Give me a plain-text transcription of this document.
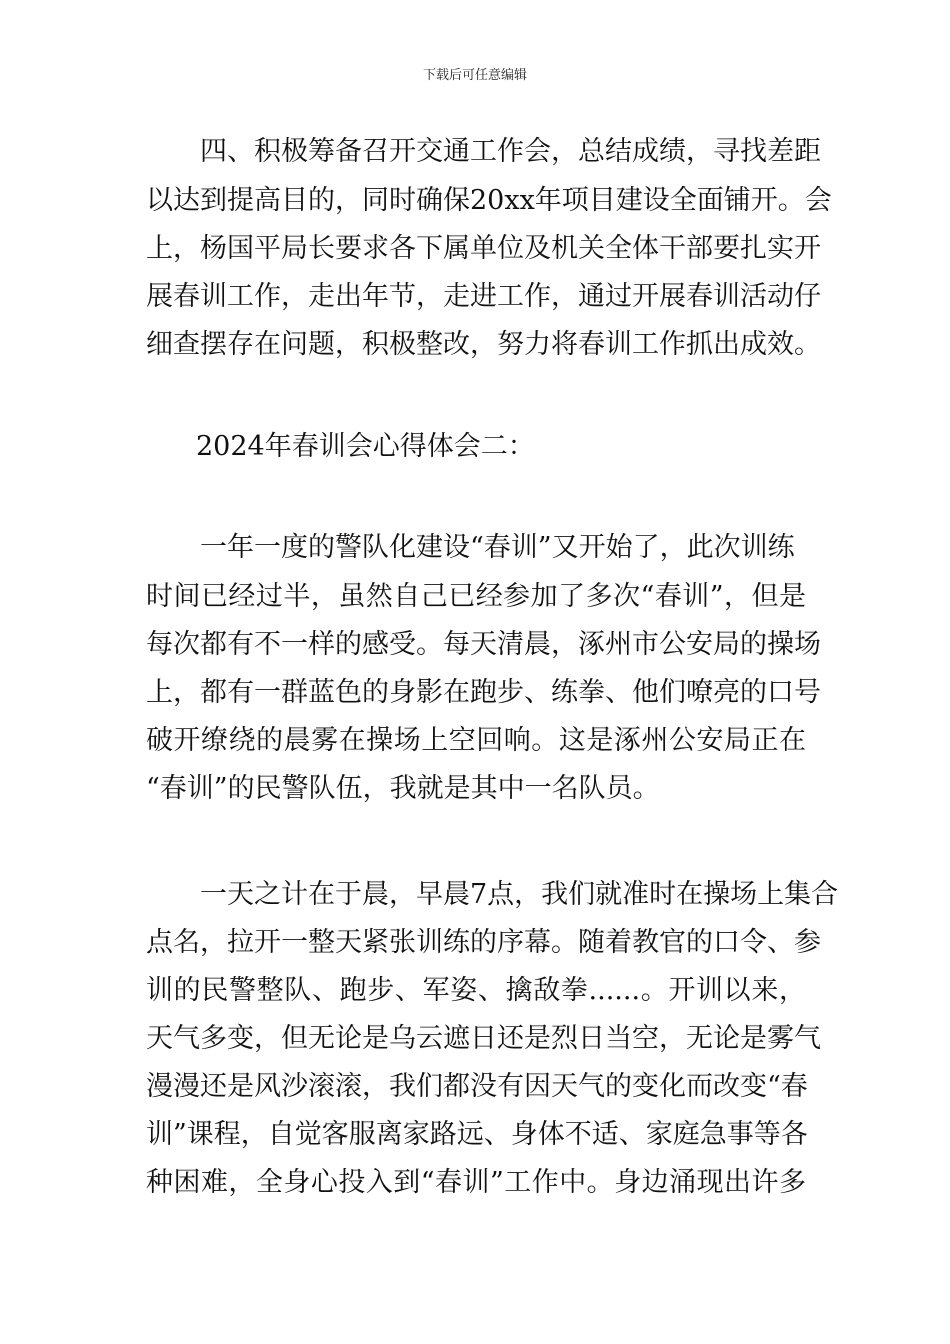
下载后可任意编辑
四、积极筹备召开交通工作会，总结成绩，寻找差距
以达到提高目的，同时确保20xx年项目建设全面铺开。会
上，杨国平局长要求各下属单位及机关全体干部要扎实开
展春训工作，走出年节，走进工作，通过开展春训活动仔
细查摆存在问题，积极整改，努力将春训工作抓出成效。
2024年春训会心得体会二：
一年一度的警队化建设“春训”又开始了，此次训练
时间已经过半，虽然自己已经参加了多次“春训”，但是
每次都有不一样的感受。每天清晨，涿州市公安局的操场
上，都有一群蓝色的身影在跑步、练拳、他们嘹亮的口号
破开缭绕的晨雾在操场上空回响。这是涿州公安局正在
“春训”的民警队伍，我就是其中一名队员。
一天之计在于晨，早晨7点，我们就准时在操场上集合
点名，拉开一整天紧张训练的序幕。随着教官的口令、参
训的民警整队、跑步、军姿、擒敌拳......。开训以来，
天气多变，但无论是乌云遮日还是烈日当空，无论是雾气
漫漫还是风沙滚滚，我们都没有因天气的变化而改变“春
训”课程，自觉客服离家路远、身体不适、家庭急事等各
种困难，全身心投入到“春训”工作中。身边涌现出许多
